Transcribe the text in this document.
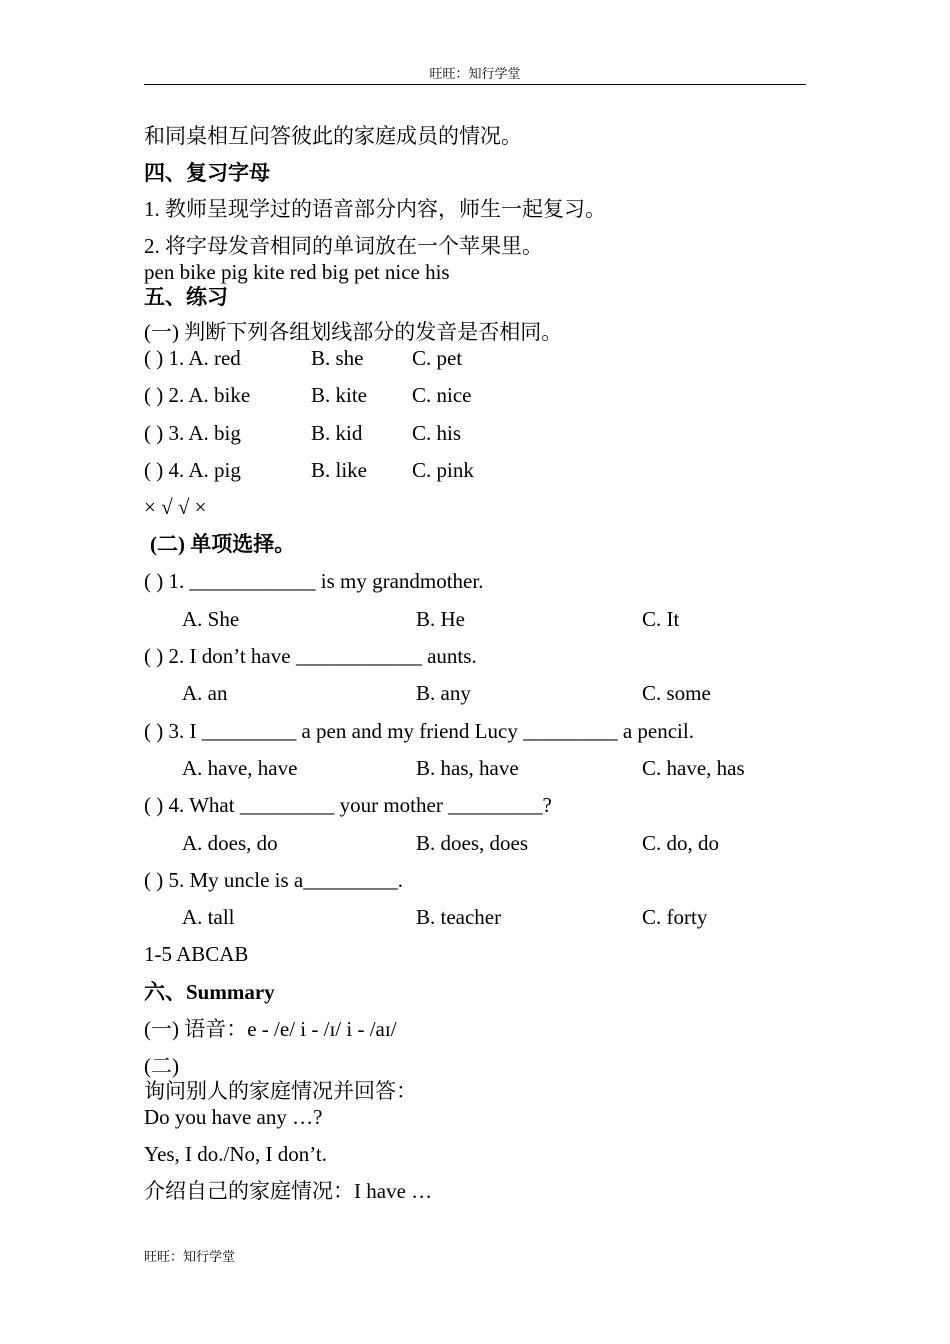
旺旺：知行学堂
和同桌相互问答彼此的家庭成员的情况。
四、复习字母
1. 教师呈现学过的语音部分内容，师生一起复习。
2. 将字母发音相同的单词放在一个苹果里。
pen bike pig kite red big pet nice his
五、练习
(一) 判断下列各组划线部分的发音是否相同。
( ) 1. A. red	B. she C. pet
( ) 2. A. bike	B. kite C. nice
( ) 3. A. big	B. kid C. his
( ) 4. A. pig	B. like C. pink
× √ √ ×
(二) 单项选择。
( ) 1. ____________ is my grandmother.
A. She	B. He	C. It
( ) 2. I don’t have ____________ aunts.
A. an	B. any	C. some
( ) 3. I _________ a pen and my friend Lucy _________ a pencil.
A. have, have	B. has, have	C. have, has
( ) 4. What _________ your mother _________?
A. does, do	B. does, does	C. do, do
( ) 5. My uncle is a_________.
A. tall	B. teacher	C. forty
1-5 ABCAB
六、Summary
(一) 语音：e - /e/ i - /ɪ/ i - /aɪ/
(二)
询问别人的家庭情况并回答：
Do you have any …?
Yes, I do./No, I don’t.
介绍自己的家庭情况：I have …
旺旺：知行学堂
